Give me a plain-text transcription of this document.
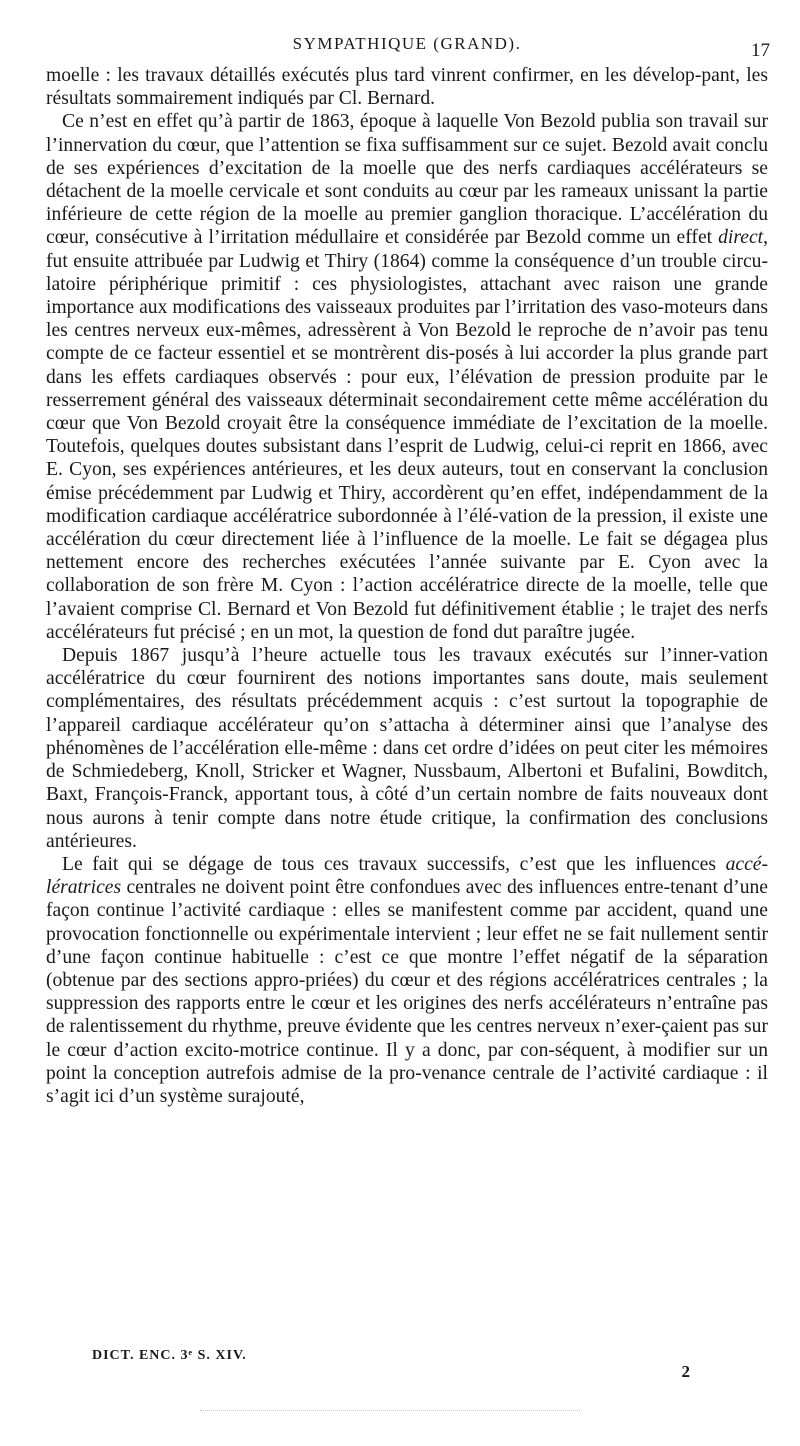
SYMPATHIQUE (GRAND).	17

moelle : les travaux détaillés exécutés plus tard vinrent confirmer, en les dévelop-pant, les résultats sommairement indiqués par Cl. Bernard.

Ce n’est en effet qu’à partir de 1863, époque à laquelle Von Bezold publia son travail sur l’innervation du cœur, que l’attention se fixa suffisamment sur ce sujet. Bezold avait conclu de ses expériences d’excitation de la moelle que des nerfs cardiaques accélérateurs se détachent de la moelle cervicale et sont conduits au cœur par les rameaux unissant la partie inférieure de cette région de la moelle au premier ganglion thoracique. L’accélération du cœur, consécutive à l’irritation médullaire et considérée par Bezold comme un effet direct, fut ensuite attribuée par Ludwig et Thiry (1864) comme la conséquence d’un trouble circu-latoire périphérique primitif : ces physiologistes, attachant avec raison une grande importance aux modifications des vaisseaux produites par l’irritation des vaso-moteurs dans les centres nerveux eux-mêmes, adressèrent à Von Bezold le reproche de n’avoir pas tenu compte de ce facteur essentiel et se montrèrent dis-posés à lui accorder la plus grande part dans les effets cardiaques observés : pour eux, l’élévation de pression produite par le resserrement général des vaisseaux déterminait secondairement cette même accélération du cœur que Von Bezold croyait être la conséquence immédiate de l’excitation de la moelle. Toutefois, quelques doutes subsistant dans l’esprit de Ludwig, celui-ci reprit en 1866, avec E. Cyon, ses expériences antérieures, et les deux auteurs, tout en conservant la conclusion émise précédemment par Ludwig et Thiry, accordèrent qu’en effet, indépendamment de la modification cardiaque accélératrice subordonnée à l’élé-vation de la pression, il existe une accélération du cœur directement liée à l’influence de la moelle. Le fait se dégagea plus nettement encore des recherches exécutées l’année suivante par E. Cyon avec la collaboration de son frère M. Cyon : l’action accélératrice directe de la moelle, telle que l’avaient comprise Cl. Bernard et Von Bezold fut définitivement établie ; le trajet des nerfs accélérateurs fut précisé ; en un mot, la question de fond dut paraître jugée.

Depuis 1867 jusqu’à l’heure actuelle tous les travaux exécutés sur l’inner-vation accélératrice du cœur fournirent des notions importantes sans doute, mais seulement complémentaires, des résultats précédemment acquis : c’est surtout la topographie de l’appareil cardiaque accélérateur qu’on s’attacha à déterminer ainsi que l’analyse des phénomènes de l’accélération elle-même : dans cet ordre d’idées on peut citer les mémoires de Schmiedeberg, Knoll, Stricker et Wagner, Nussbaum, Albertoni et Bufalini, Bowditch, Baxt, François-Franck, apportant tous, à côté d’un certain nombre de faits nouveaux dont nous aurons à tenir compte dans notre étude critique, la confirmation des conclusions antérieures.

Le fait qui se dégage de tous ces travaux successifs, c’est que les influences accé-lératrices centrales ne doivent point être confondues avec des influences entre-tenant d’une façon continue l’activité cardiaque : elles se manifestent comme par accident, quand une provocation fonctionnelle ou expérimentale intervient ; leur effet ne se fait nullement sentir d’une façon continue habituelle : c’est ce que montre l’effet négatif de la séparation (obtenue par des sections appro-priées) du cœur et des régions accélératrices centrales ; la suppression des rapports entre le cœur et les origines des nerfs accélérateurs n’entraîne pas de ralentissement du rhythme, preuve évidente que les centres nerveux n’exer-çaient pas sur le cœur d’action excito-motrice continue. Il y a donc, par con-séquent, à modifier sur un point la conception autrefois admise de la pro-venance centrale de l’activité cardiaque : il s’agit ici d’un système surajouté,

DICT. ENC. 3ᵉ S. XIV.
2
